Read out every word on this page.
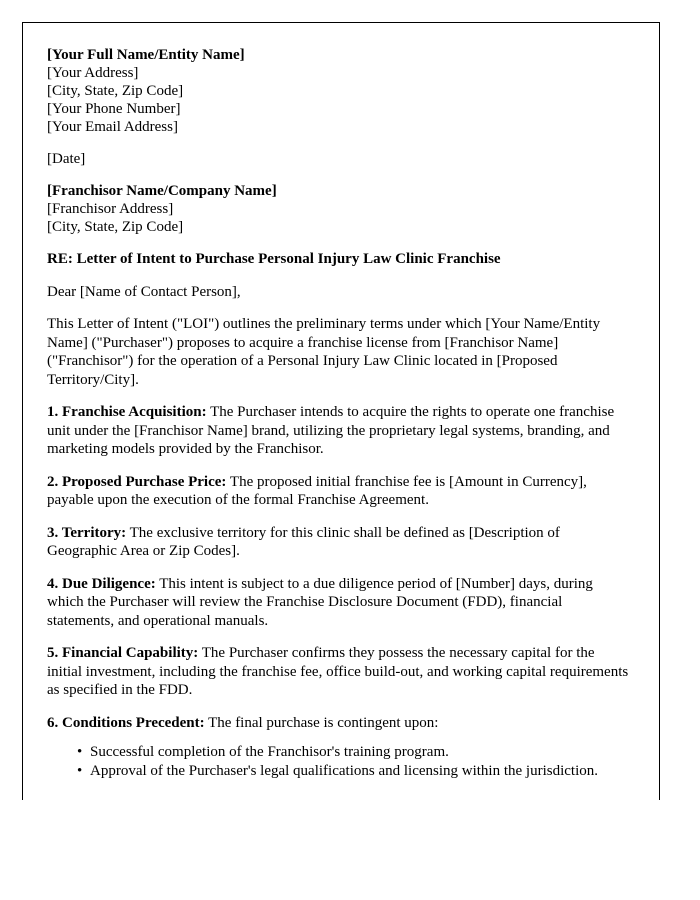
[Your Full Name/Entity Name]
[Your Address]
[City, State, Zip Code]
[Your Phone Number]
[Your Email Address]
[Date]
[Franchisor Name/Company Name]
[Franchisor Address]
[City, State, Zip Code]

RE: Letter of Intent to Purchase Personal Injury Law Clinic Franchise

Dear [Name of Contact Person],

This Letter of Intent ("LOI") outlines the preliminary terms under which [Your Name/Entity Name] ("Purchaser") proposes to acquire a franchise license from [Franchisor Name] ("Franchisor") for the operation of a Personal Injury Law Clinic located in [Proposed Territory/City].

1. Franchise Acquisition: The Purchaser intends to acquire the rights to operate one franchise unit under the [Franchisor Name] brand, utilizing the proprietary legal systems, branding, and marketing models provided by the Franchisor.

2. Proposed Purchase Price: The proposed initial franchise fee is [Amount in Currency], payable upon the execution of the formal Franchise Agreement.

3. Territory: The exclusive territory for this clinic shall be defined as [Description of Geographic Area or Zip Codes].

4. Due Diligence: This intent is subject to a due diligence period of [Number] days, during which the Purchaser will review the Franchise Disclosure Document (FDD), financial statements, and operational manuals.

5. Financial Capability: The Purchaser confirms they possess the necessary capital for the initial investment, including the franchise fee, office build-out, and working capital requirements as specified in the FDD.

6. Conditions Precedent: The final purchase is contingent upon:

• Successful completion of the Franchisor's training program.
• Approval of the Purchaser's legal qualifications and licensing within the jurisdiction.
